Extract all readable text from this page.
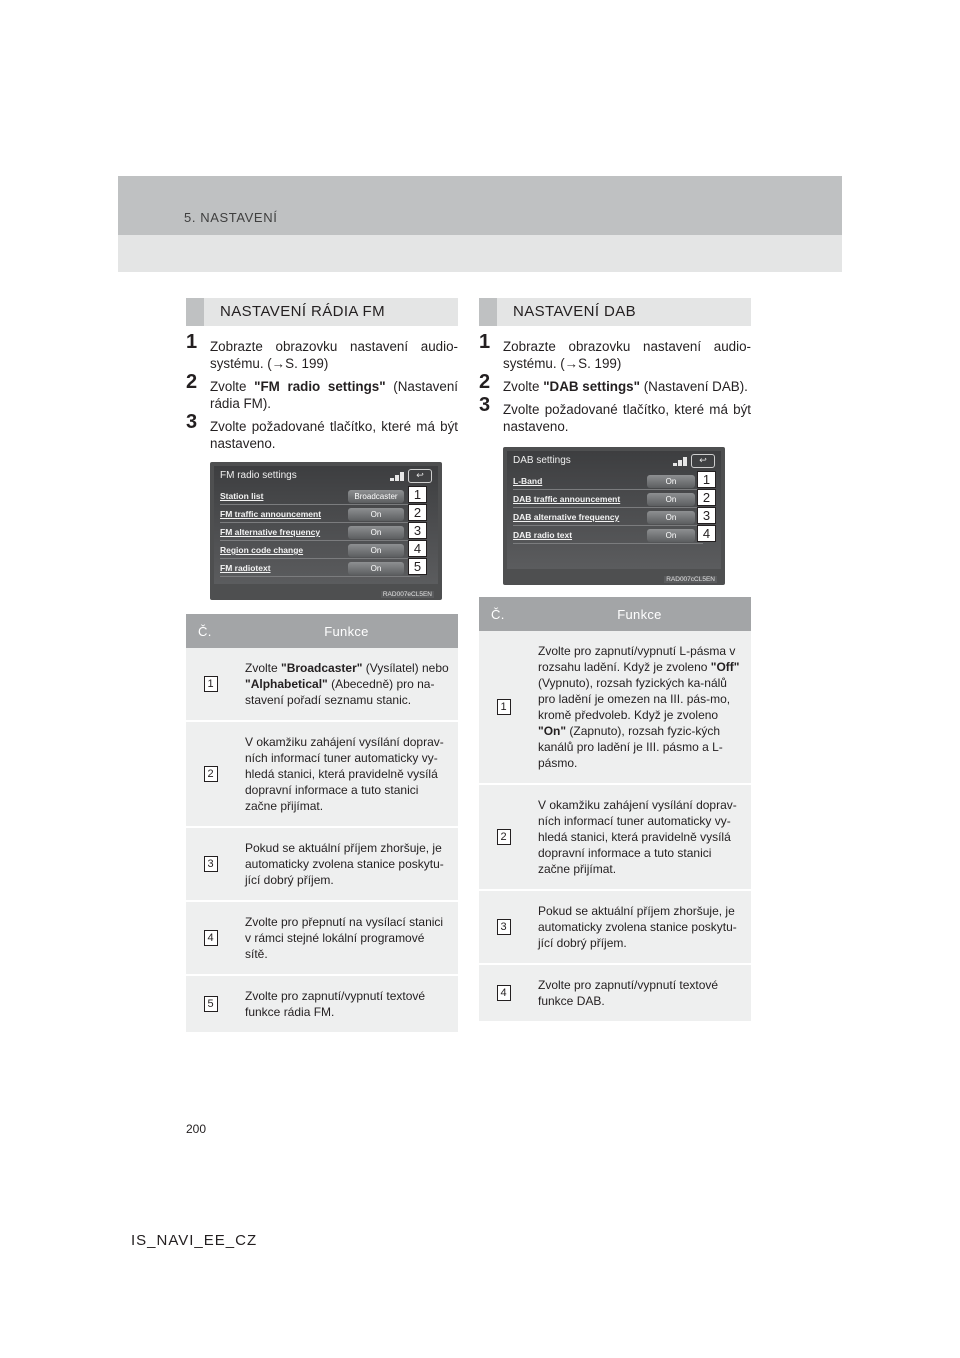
5. NASTAVENÍ
NASTAVENÍ RÁDIA FM
1 Zobrazte obrazovku nastavení audio-systému. (→S. 199)
2 Zvolte "FM radio settings" (Nastavení rádia FM).
3 Zvolte požadované tlačítko, které má být nastaveno.
FM radio settings	↩
Station list
FM traffic announcement
FM alternative frequency
Region code change
FM radiotext
Broadcaster
On
On
On
On
1
2
3
4
5
RAD007eCL5EN
Č.	Funkce
1	Zvolte "Broadcaster" (Vysílatel) nebo "Alphabetical" (Abecedně) pro na-stavení pořadí seznamu stanic.
2	V okamžiku zahájení vysílání doprav-ních informací tuner automaticky vy-hledá stanici, která pravidelně vysílá dopravní informace a tuto stanici začne přijímat.
3	Pokud se aktuální příjem zhoršuje, je automaticky zvolena stanice poskytu-jící dobrý příjem.
4	Zvolte pro přepnutí na vysílací stanici v rámci stejné lokální programové sítě.
5	Zvolte pro zapnutí/vypnutí textové funkce rádia FM.
NASTAVENÍ DAB
1 Zobrazte obrazovku nastavení audio-systému. (→S. 199)
2 Zvolte "DAB settings" (Nastavení DAB).
3 Zvolte požadované tlačítko, které má být nastaveno.
DAB settings	↩
L-Band
DAB traffic announcement
DAB alternative frequency
DAB radio text
On
On
On
On
1
2
3
4
RAD007cCL5EN
Č.	Funkce
1	Zvolte pro zapnutí/vypnutí L-pásma v rozsahu ladění. Když je zvoleno "Off" (Vypnuto), rozsah fyzických ka-nálů pro ladění je omezen na III. pás-mo, kromě předvoleb. Když je zvoleno "On" (Zapnuto), rozsah fyzic-kých kanálů pro ladění je III. pásmo a L-pásmo.
2	V okamžiku zahájení vysílání doprav-ních informací tuner automaticky vy-hledá stanici, která pravidelně vysílá dopravní informace a tuto stanici začne přijímat.
3	Pokud se aktuální příjem zhoršuje, je automaticky zvolena stanice poskytu-jící dobrý příjem.
4	Zvolte pro zapnutí/vypnutí textové funkce DAB.
200
IS_NAVI_EE_CZ
